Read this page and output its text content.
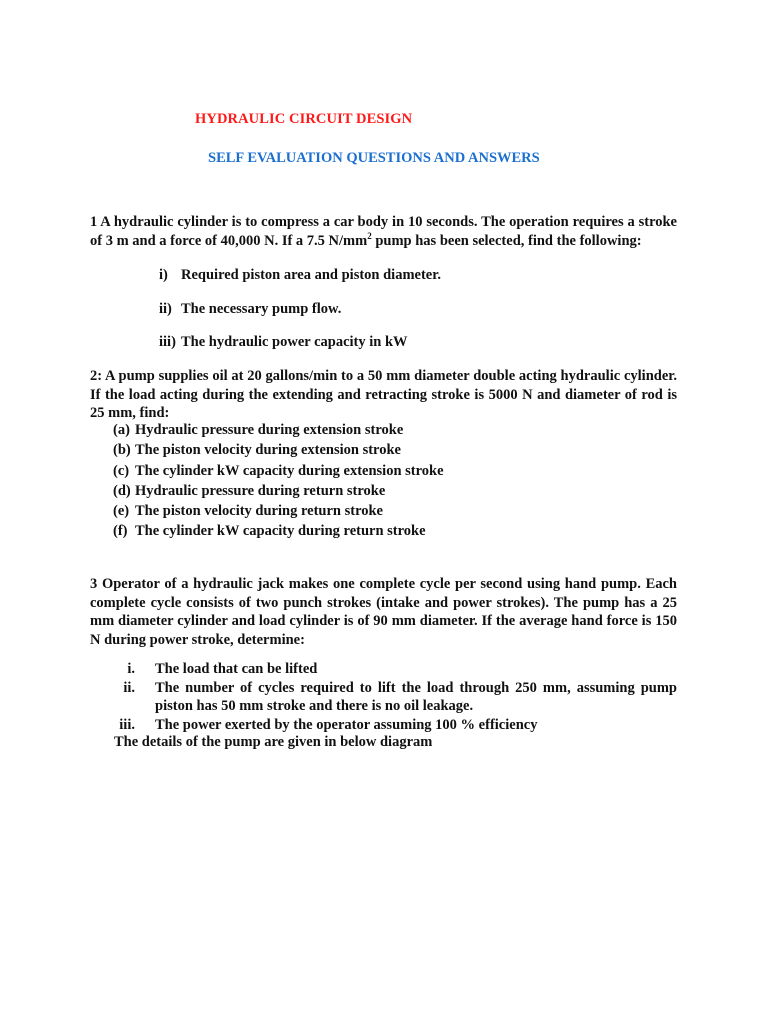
HYDRAULIC CIRCUIT DESIGN
SELF EVALUATION QUESTIONS AND ANSWERS
1 A hydraulic cylinder is to compress a car body in 10 seconds. The operation requires a stroke of 3 m and a force of 40,000 N. If a 7.5 $N/mm^2$ pump has been selected, find the following:
i) Required piston area and piston diameter.
ii) The necessary pump flow.
iii) The hydraulic power capacity in kW
2: A pump supplies oil at 20 gallons/min to a 50 mm diameter double acting hydraulic cylinder. If the load acting during the extending and retracting stroke is 5000 N and diameter of rod is 25 mm, find:
(a) Hydraulic pressure during extension stroke
(b) The piston velocity during extension stroke
(c) The cylinder kW capacity during extension stroke
(d) Hydraulic pressure during return stroke
(e) The piston velocity during return stroke
(f) The cylinder kW capacity during return stroke
3 Operator of a hydraulic jack makes one complete cycle per second using hand pump. Each complete cycle consists of two punch strokes (intake and power strokes). The pump has a 25 mm diameter cylinder and load cylinder is of 90 mm diameter. If the average hand force is 150 N during power stroke, determine:
i.	The load that can be lifted
ii.	The number of cycles required to lift the load through 250 mm, assuming pump piston has 50 mm stroke and there is no oil leakage.
iii.	The power exerted by the operator assuming 100 % efficiency
The details of the pump are given in below diagram
